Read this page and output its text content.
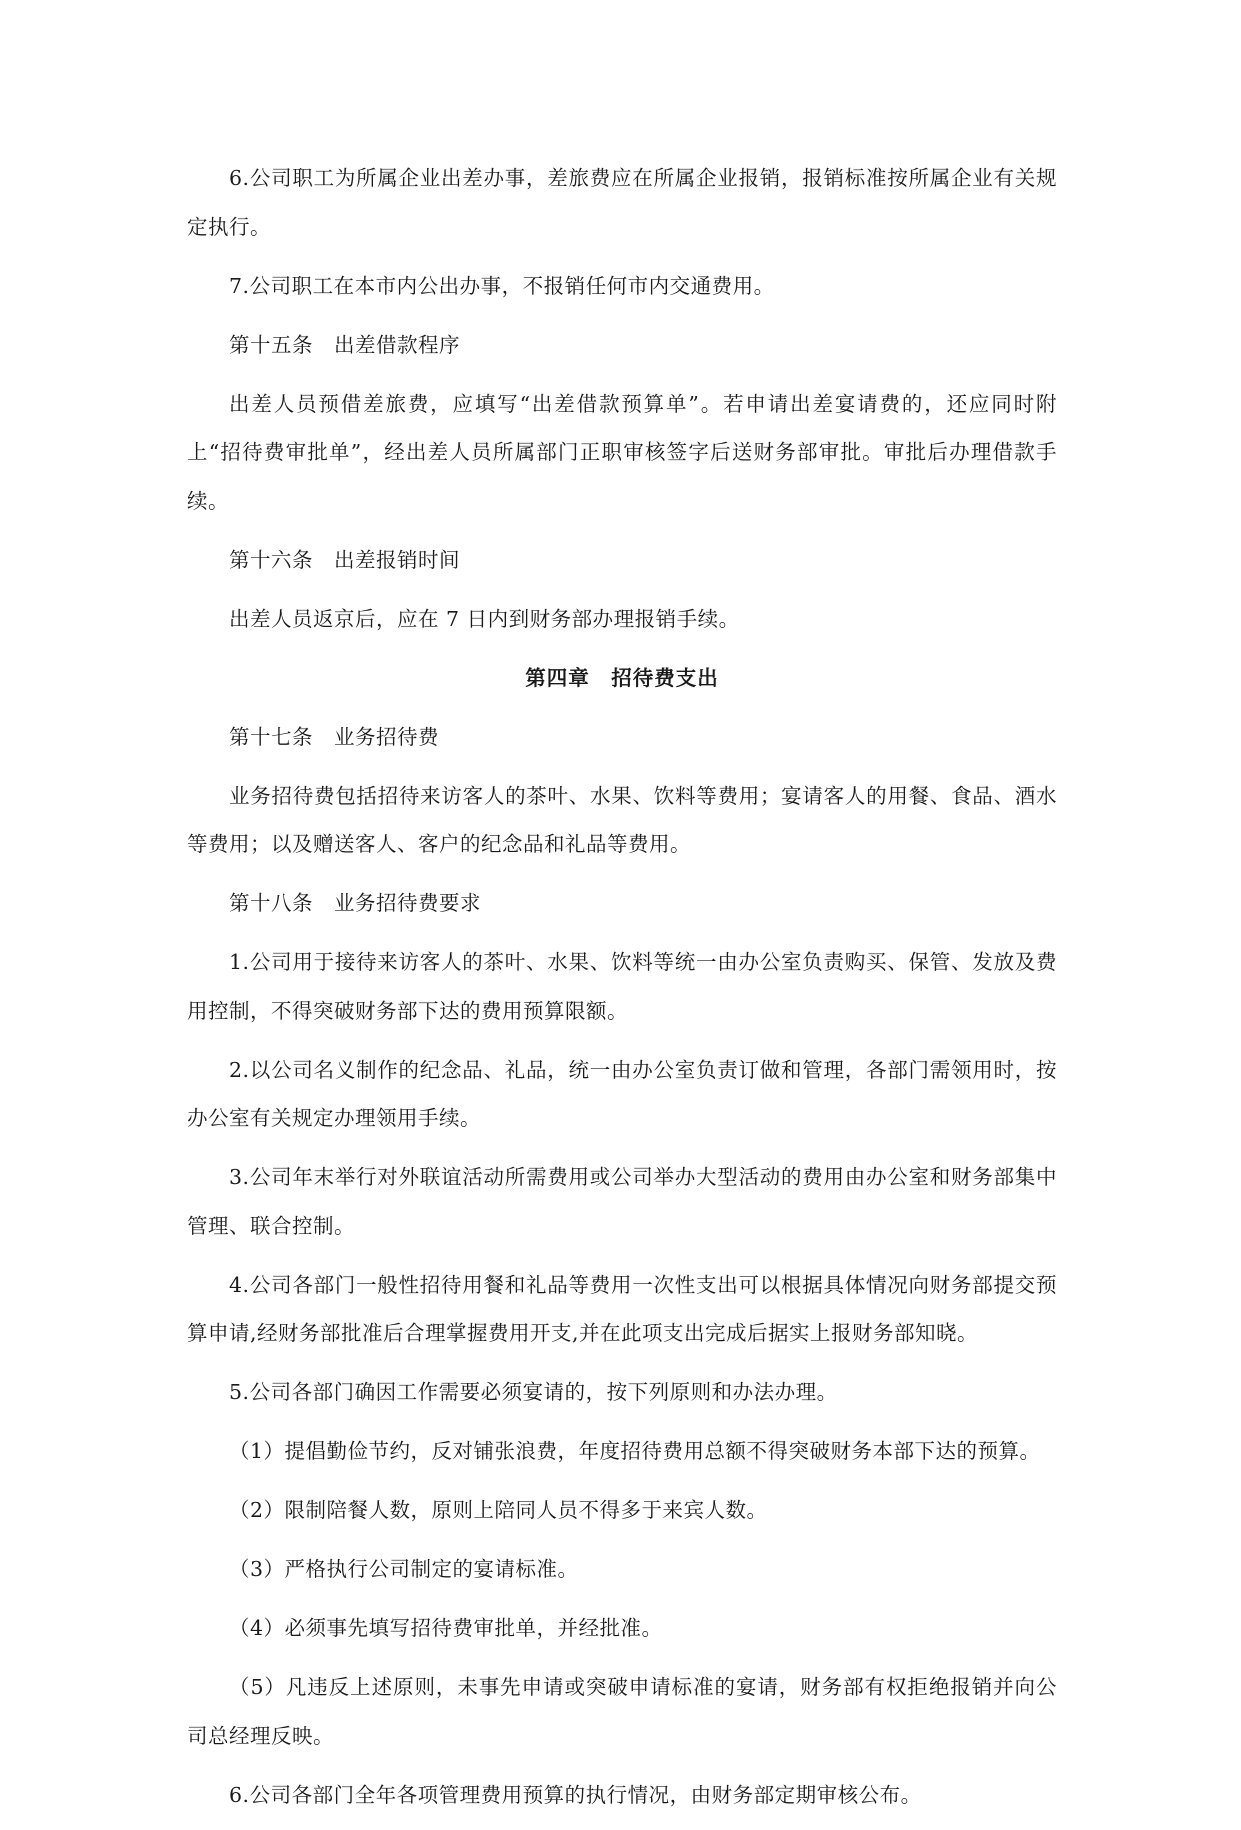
6.公司职工为所属企业出差办事，差旅费应在所属企业报销，报销标准按所属企业有关规定执行。

7.公司职工在本市内公出办事，不报销任何市内交通费用。

第十五条　出差借款程序

出差人员预借差旅费，应填写“出差借款预算单”。若申请出差宴请费的，还应同时附上“招待费审批单”，经出差人员所属部门正职审核签字后送财务部审批。审批后办理借款手续。

第十六条　出差报销时间

出差人员返京后，应在 7 日内到财务部办理报销手续。

第四章　招待费支出

第十七条　业务招待费

业务招待费包括招待来访客人的茶叶、水果、饮料等费用；宴请客人的用餐、食品、酒水等费用；以及赠送客人、客户的纪念品和礼品等费用。

第十八条　业务招待费要求

1.公司用于接待来访客人的茶叶、水果、饮料等统一由办公室负责购买、保管、发放及费用控制，不得突破财务部下达的费用预算限额。

2.以公司名义制作的纪念品、礼品，统一由办公室负责订做和管理，各部门需领用时，按办公室有关规定办理领用手续。

3.公司年末举行对外联谊活动所需费用或公司举办大型活动的费用由办公室和财务部集中管理、联合控制。

4.公司各部门一般性招待用餐和礼品等费用一次性支出可以根据具体情况向财务部提交预算申请,经财务部批准后合理掌握费用开支,并在此项支出完成后据实上报财务部知晓。

5.公司各部门确因工作需要必须宴请的，按下列原则和办法办理。

（1）提倡勤俭节约，反对铺张浪费，年度招待费用总额不得突破财务本部下达的预算。

（2）限制陪餐人数，原则上陪同人员不得多于来宾人数。

（3）严格执行公司制定的宴请标准。

（4）必须事先填写招待费审批单，并经批准。

（5）凡违反上述原则，未事先申请或突破申请标准的宴请，财务部有权拒绝报销并向公司总经理反映。

6.公司各部门全年各项管理费用预算的执行情况，由财务部定期审核公布。
